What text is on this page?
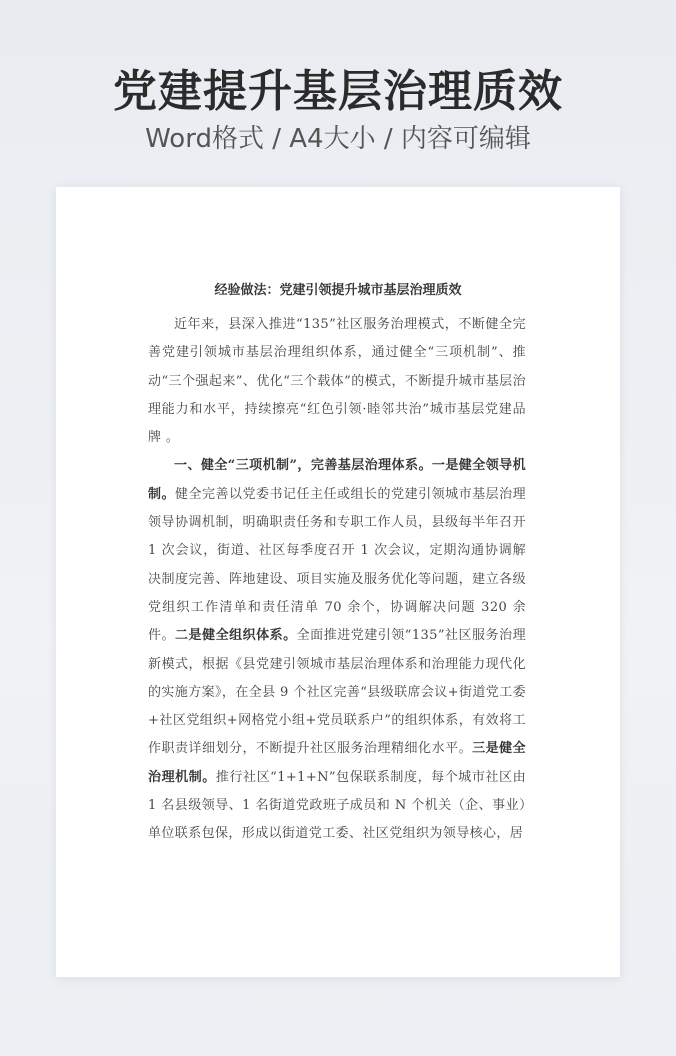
党建提升基层治理质效
Word格式 / A4大小 / 内容可编辑
经验做法：党建引领提升城市基层治理质效

近年来，县深入推进“135”社区服务治理模式，不断健全完善党建引领城市基层治理组织体系，通过健全“三项机制”、推动“三个强起来”、优化“三个载体”的模式，不断提升城市基层治理能力和水平，持续擦亮“红色引领·睦邻共治”城市基层党建品牌 。

一、健全“三项机制”，完善基层治理体系。一是健全领导机制。健全完善以党委书记任主任或组长的党建引领城市基层治理领导协调机制，明确职责任务和专职工作人员，县级每半年召开 1 次会议，街道、社区每季度召开 1 次会议，定期沟通协调解决制度完善、阵地建设、项目实施及服务优化等问题，建立各级党组织工作清单和责任清单 70 余个，协调解决问题 320 余件。二是健全组织体系。全面推进党建引领“135”社区服务治理新模式，根据《县党建引领城市基层治理体系和治理能力现代化的实施方案》，在全县 9 个社区完善“县级联席会议+街道党工委+社区党组织+网格党小组+党员联系户”的组织体系，有效将工作职责详细划分，不断提升社区服务治理精细化水平。三是健全治理机制。推行社区“1+1+N”包保联系制度，每个城市社区由 1 名县级领导、1 名街道党政班子成员和 N 个机关（企、事业）单位联系包保，形成以街道党工委、社区党组织为领导核心，居
